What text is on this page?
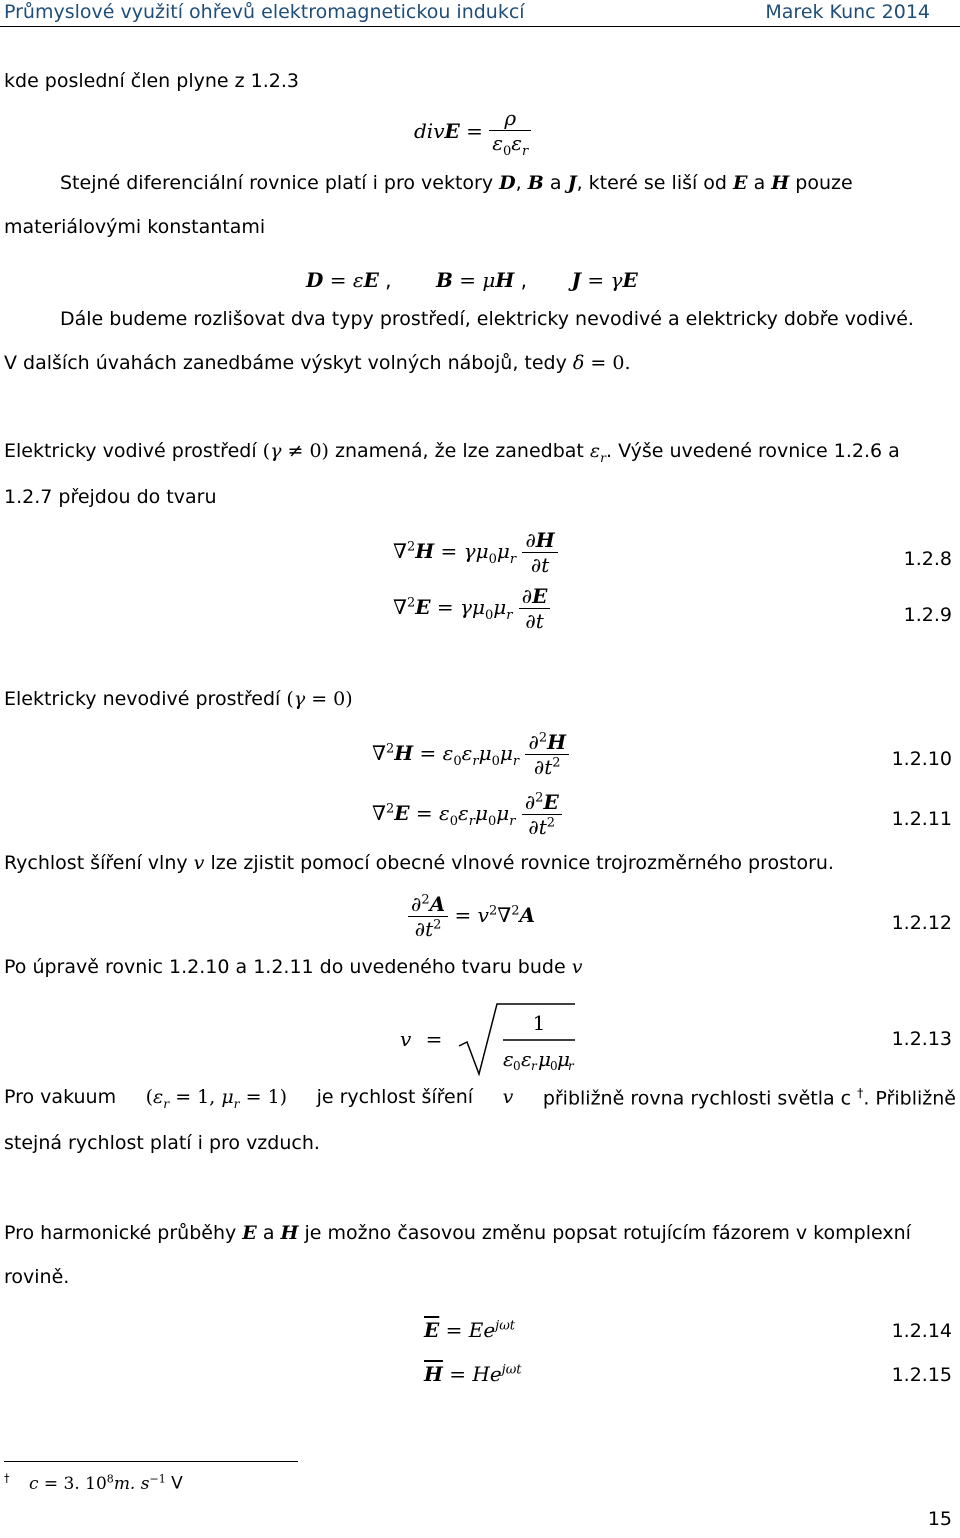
Průmyslové využití ohřevů elektromagnetickou indukcí	Marek Kunc 2014
kde poslední člen plyne z 1.2.3
divE = $\frac{\rho}{\varepsilon_0\varepsilon_r}$
Stejné diferenciální rovnice platí i pro vektory D, B a J, které se liší od E a H pouze
materiálovými konstantami
D = εE ,       B = μH ,       J = γE
Dále budeme rozlišovat dva typy prostředí, elektricky nevodivé a elektricky dobře vodivé.
V dalších úvahách zanedbáme výskyt volných nábojů, tedy δ = 0.
Elektricky vodivé prostředí (γ ≠ 0) znamená, že lze zanedbat $\varepsilon_r$. Výše uvedené rovnice 1.2.6 a
1.2.7 přejdou do tvaru
$\nabla^2H = \gamma\mu_0\mu_r \frac{\partial H}{\partial t}$	1.2.8
$\nabla^2E = \gamma\mu_0\mu_r \frac{\partial E}{\partial t}$	1.2.9
Elektricky nevodivé prostředí (γ = 0)
$\nabla^2H = \varepsilon_0\varepsilon_r\mu_0\mu_r \frac{\partial^2H}{\partial t^2}$	1.2.10
$\nabla^2E = \varepsilon_0\varepsilon_r\mu_0\mu_r \frac{\partial^2E}{\partial t^2}$	1.2.11
Rychlost šíření vlny v lze zjistit pomocí obecné vlnové rovnice trojrozměrného prostoru.
$\frac{\partial^2A}{\partial t^2} = v^2\nabla^2A$	1.2.12
Po úpravě rovnic 1.2.10 a 1.2.11 do uvedeného tvaru bude v
v =
1
ε 0 ε r μ 0 μ
r
1.2.13
Pro vakuum ($\varepsilon_r = 1$, $\mu_r = 1$) je rychlost šíření v přibližně rovna rychlosti světla c †. Přibližně
stejná rychlost platí i pro vzduch.
Pro harmonické průběhy E a H je možno časovou změnu popsat rotujícím fázorem v komplexní
rovině.
$\overline{E} = Ee^{j\omega t}$	1.2.14
$\overline{H} = He^{j\omega t}$	1.2.15
† c = 3. $10^8m$. $s^{-1}$ V
15
